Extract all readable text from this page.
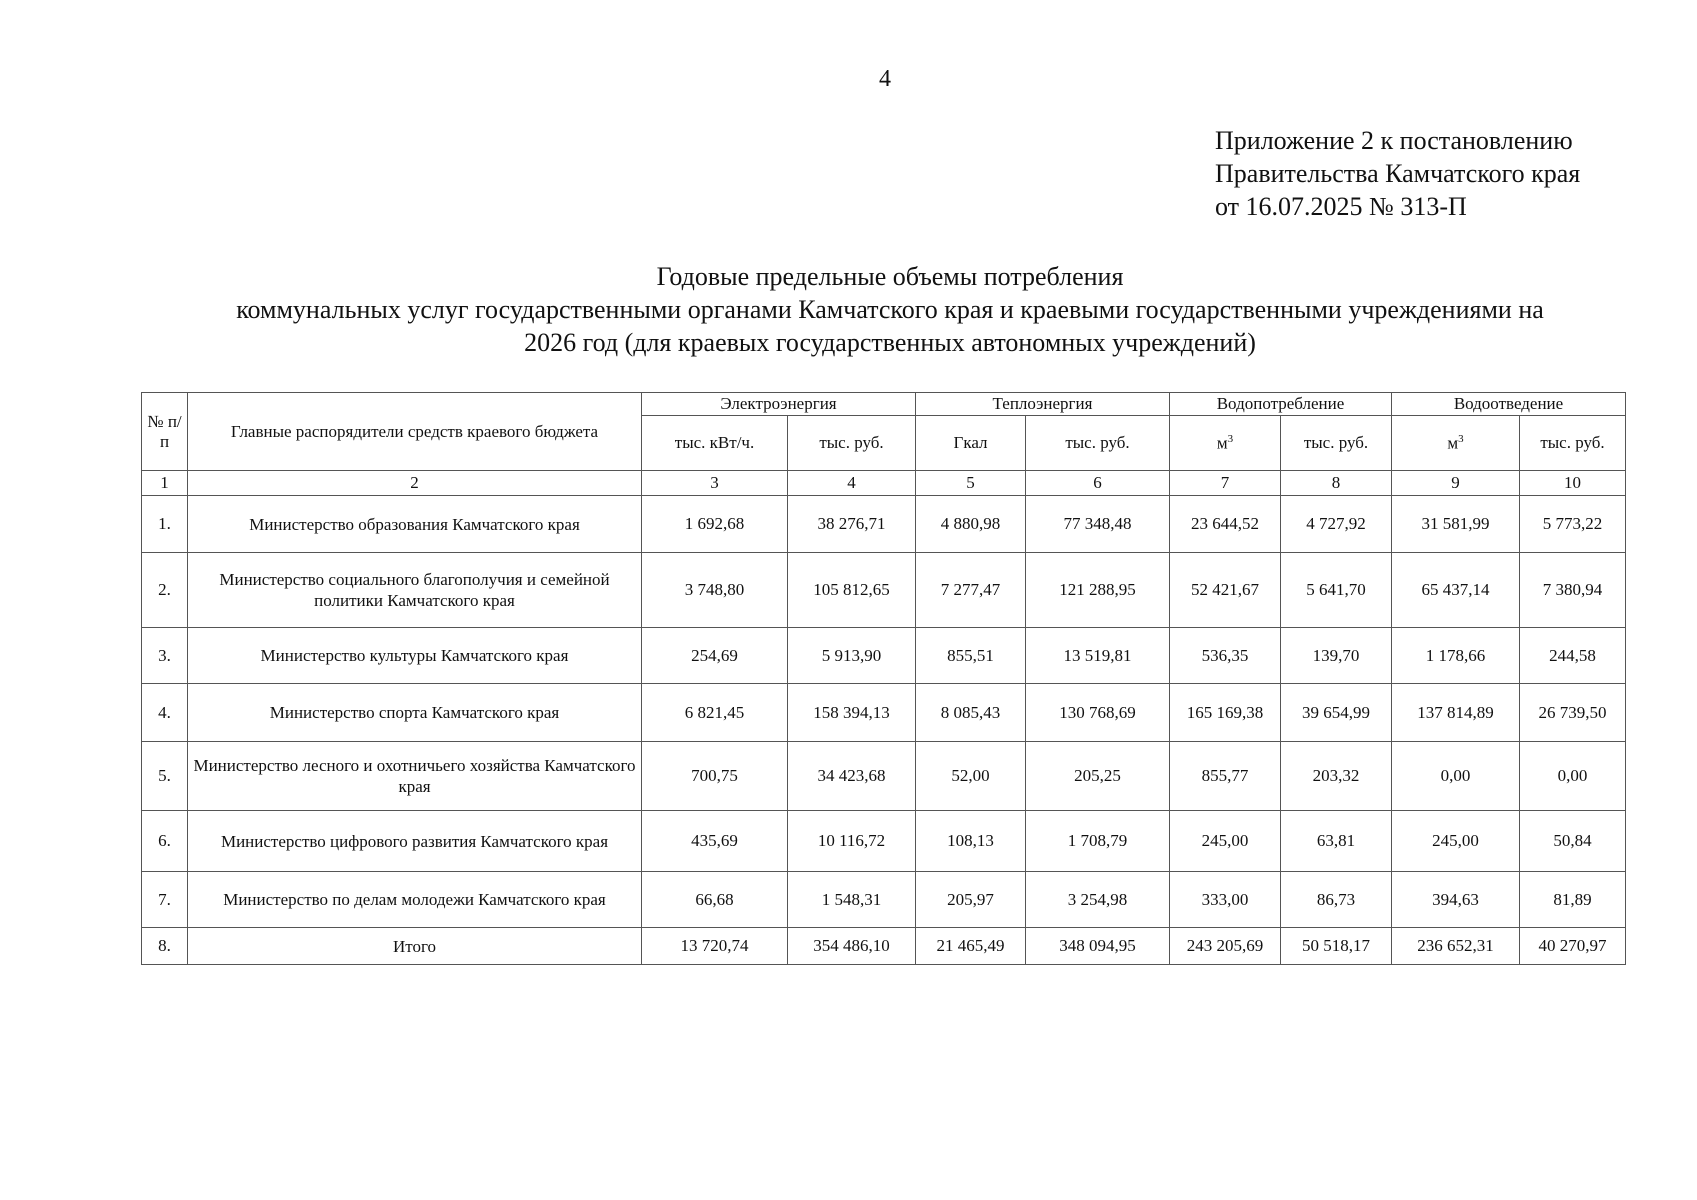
4
Приложение 2 к постановлению
Правительства Камчатского края
от 16.07.2025 № 313-П
Годовые предельные объемы потребления
коммунальных услуг государственными органами Камчатского края и краевыми государственными учреждениями на
2026 год (для краевых государственных автономных учреждений)
№ п/п	Главные распорядители средств краевого бюджета	Электроэнергия		Теплоэнергия		Водопотребление		Водоотведение	
		тыс. кВт/ч.	тыс. руб.	Гкал	тыс. руб.	$м^3$	тыс. руб.	$м^3$	тыс. руб.
1	2	3	4	5	6	7	8	9	10
1.	Министерство образования Камчатского края	1 692,68	38 276,71	4 880,98	77 348,48	23 644,52	4 727,92	31 581,99	5 773,22
2.	Министерство социального благополучия и семейной политики Камчатского края	3 748,80	105 812,65	7 277,47	121 288,95	52 421,67	5 641,70	65 437,14	7 380,94
3.	Министерство культуры Камчатского края	254,69	5 913,90	855,51	13 519,81	536,35	139,70	1 178,66	244,58
4.	Министерство спорта Камчатского края	6 821,45	158 394,13	8 085,43	130 768,69	165 169,38	39 654,99	137 814,89	26 739,50
5.	Министерство лесного и охотничьего хозяйства Камчатского края	700,75	34 423,68	52,00	205,25	855,77	203,32	0,00	0,00
6.	Министерство цифрового развития Камчатского края	435,69	10 116,72	108,13	1 708,79	245,00	63,81	245,00	50,84
7.	Министерство по делам молодежи Камчатского края	66,68	1 548,31	205,97	3 254,98	333,00	86,73	394,63	81,89
8.	Итого	13 720,74	354 486,10	21 465,49	348 094,95	243 205,69	50 518,17	236 652,31	40 270,97
